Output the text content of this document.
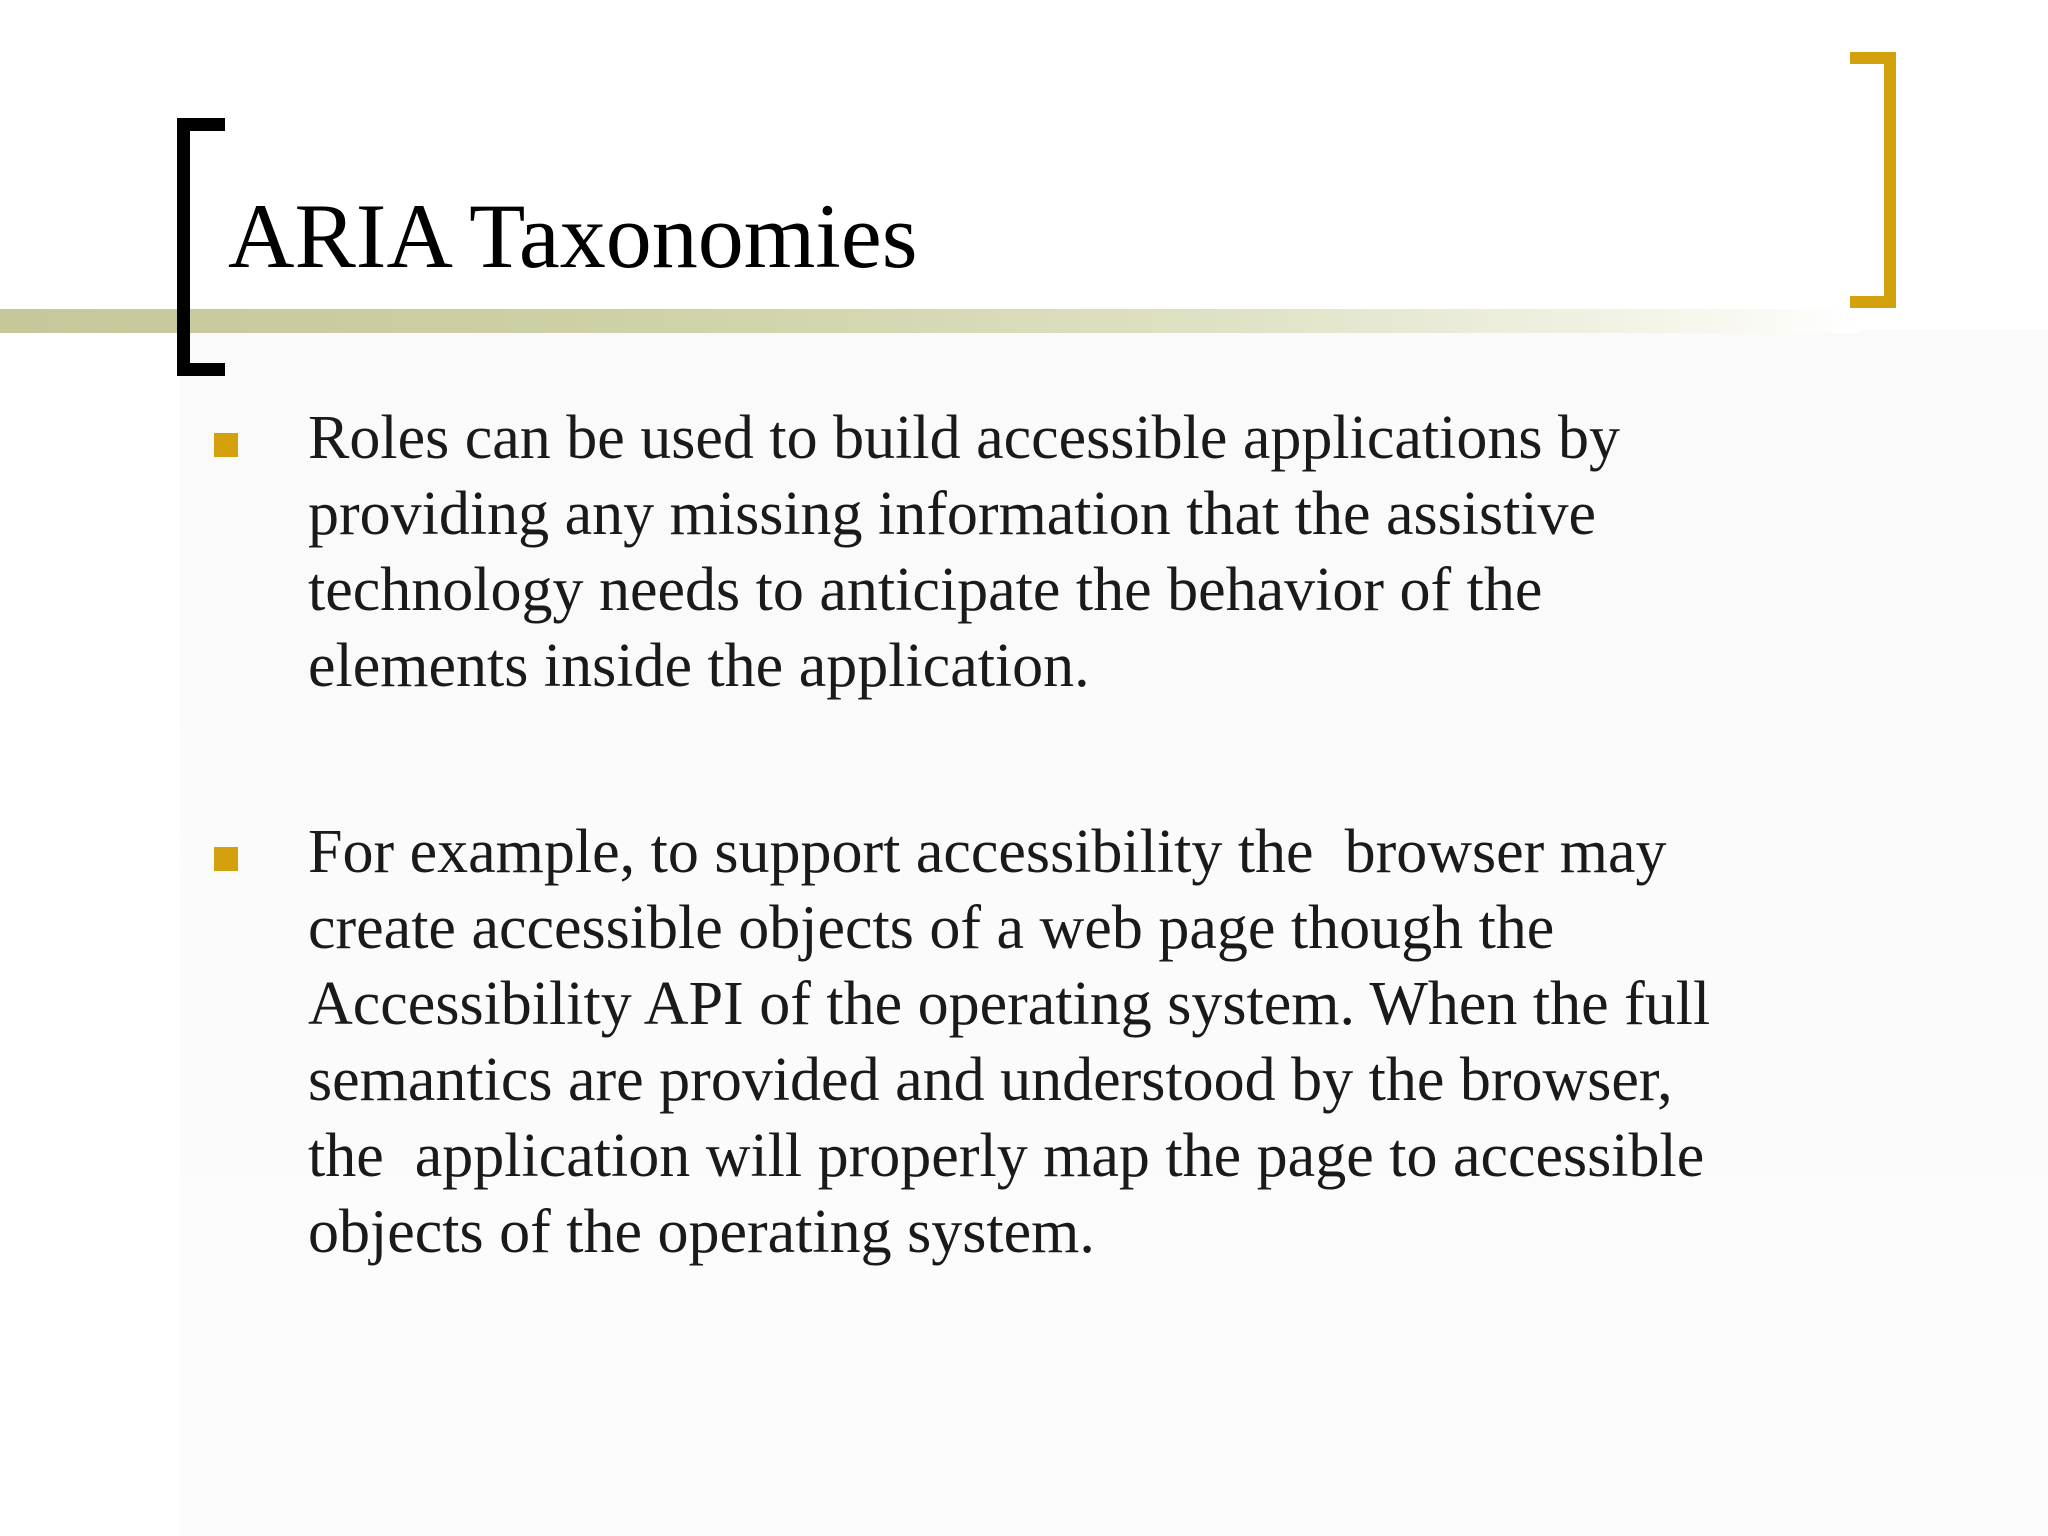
ARIA Taxonomies

Roles can be used to build accessible applications by
providing any missing information that the assistive
technology needs to anticipate the behavior of the
elements inside the application.

For example, to support accessibility the  browser may
create accessible objects of a web page though the
Accessibility API of the operating system. When the full
semantics are provided and understood by the browser,
the  application will properly map the page to accessible
objects of the operating system.
